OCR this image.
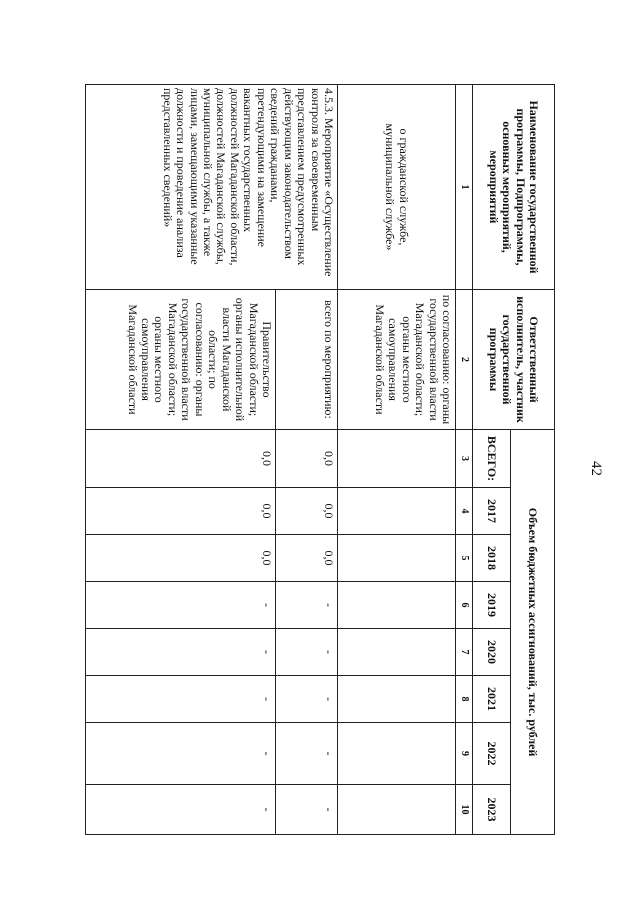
Наименование государственной программы, Подпрограммы, основных мероприятий, мероприятий	Ответственный исполнитель, участник государственной программы	Объем бюджетных ассигнований, тыс. рублей							
		ВСЕГО:	2017	2018	2019	2020	2021	2022	2023
1	2	3	4	5	6	7	8	9	10
о гражданской службе, муниципальной службе»	по согласованию: органы государственной власти Магаданской области; органы местного самоуправления Магаданской области								
4.5.3. Мероприятие «Осуществление контроля за своевременным представлением предусмотренных действующим законодательством сведений гражданами, претендующими на замещение вакантных государственных должностей Магаданской области, должностей Магаданской службы, муниципальной службы, а также лицами, замещающими указанные должности и проведение анализа представленных сведений»	всего по мероприятию:	0,0	0,0	0,0	-	-	-	-	-
	Правительство Магаданской области; органы исполнительной власти Магаданской области; по согласованию: органы государственной власти Магаданской области; органы местного самоуправления Магаданской области	0,0	0,0	0,0	-	-	-	-	-
42
